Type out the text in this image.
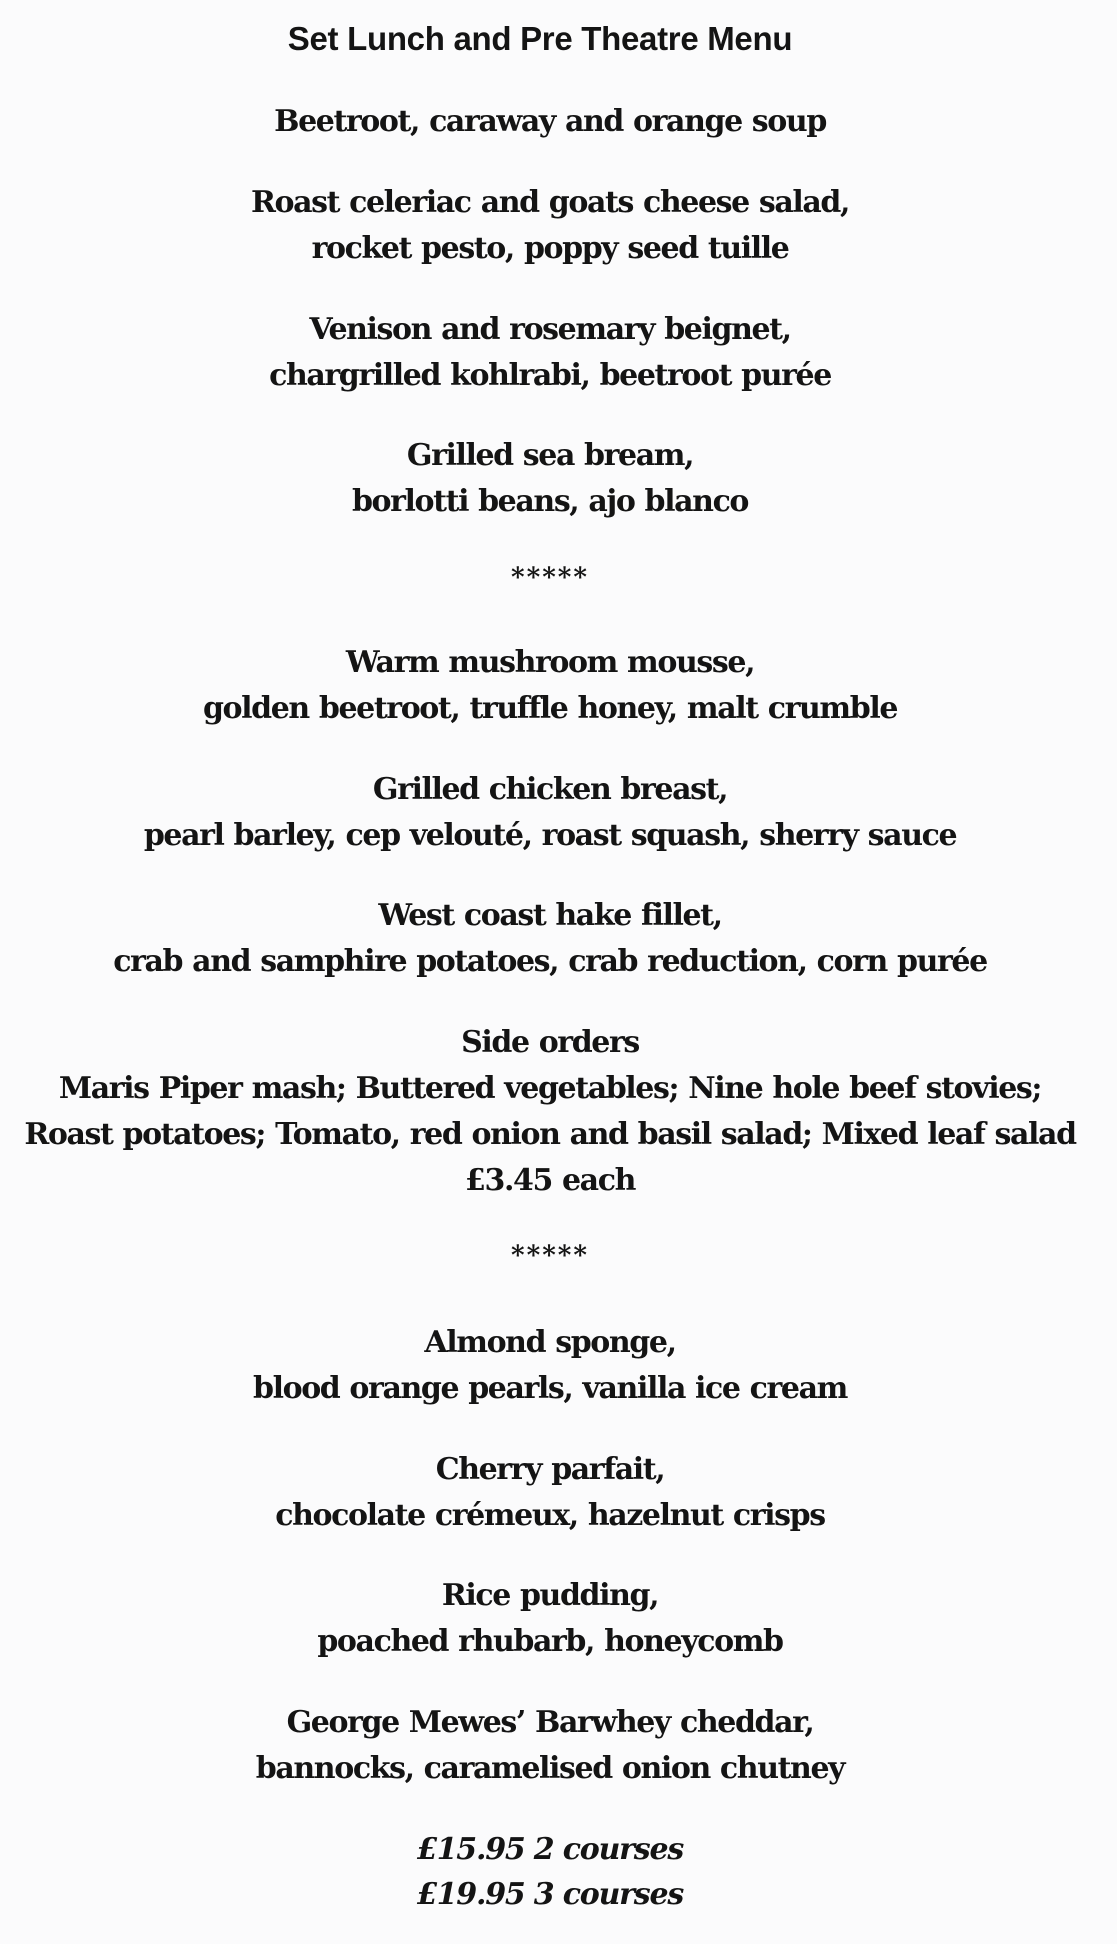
Set Lunch and Pre Theatre Menu
Beetroot, caraway and orange soup
Roast celeriac and goats cheese salad,
rocket pesto, poppy seed tuille
Venison and rosemary beignet,
chargrilled kohlrabi, beetroot purée
Grilled sea bream,
borlotti beans, ajo blanco
*****
Warm mushroom mousse,
golden beetroot, truffle honey, malt crumble
Grilled chicken breast,
pearl barley, cep velouté, roast squash, sherry sauce
West coast hake fillet,
crab and samphire potatoes, crab reduction, corn purée
Side orders
Maris Piper mash; Buttered vegetables; Nine hole beef stovies;
Roast potatoes; Tomato, red onion and basil salad; Mixed leaf salad
£3.45 each
*****
Almond sponge,
blood orange pearls, vanilla ice cream
Cherry parfait,
chocolate crémeux, hazelnut crisps
Rice pudding,
poached rhubarb, honeycomb
George Mewes’ Barwhey cheddar,
bannocks, caramelised onion chutney
£15.95 2 courses
£19.95 3 courses
